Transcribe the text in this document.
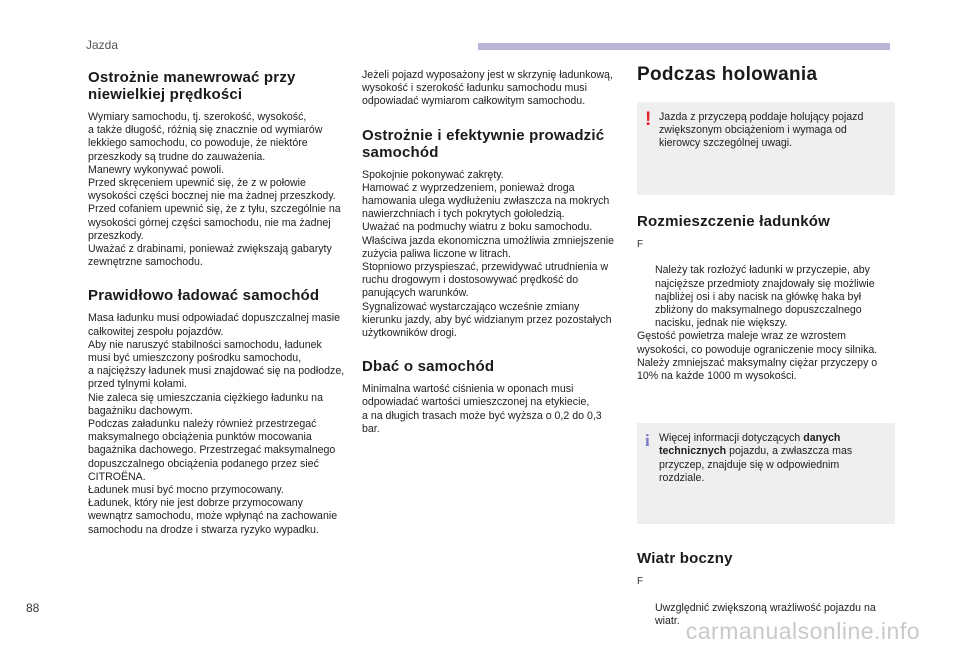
Jazda
Ostrożnie manewrować przy niewielkiej prędkości

Wymiary samochodu, tj. szerokość, wysokość,
a także długość, różnią się znacznie od wymiarów lekkiego samochodu, co powoduje, że niektóre przeszkody są trudne do zauważenia.
Manewry wykonywać powoli.
Przed skręceniem upewnić się, że z w połowie wysokości części bocznej nie ma żadnej przeszkody.
Przed cofaniem upewnić się, że z tyłu, szczególnie na wysokości górnej części samochodu, nie ma żadnej przeszkody.
Uważać z drabinami, ponieważ zwiększają gabaryty zewnętrzne samochodu.

Prawidłowo ładować samochód

Masa ładunku musi odpowiadać dopuszczalnej masie całkowitej zespołu pojazdów.
Aby nie naruszyć stabilności samochodu, ładunek musi być umieszczony pośrodku samochodu,
a najcięższy ładunek musi znajdować się na podłodze, przed tylnymi kołami.
Nie zaleca się umieszczania ciężkiego ładunku na bagażniku dachowym.
Podczas załadunku należy również przestrzegać maksymalnego obciążenia punktów mocowania bagażnika dachowego. Przestrzegać maksymalnego dopuszczalnego obciążenia podanego przez sieć CITROËNA.
Ładunek musi być mocno przymocowany.
Ładunek, który nie jest dobrze przymocowany wewnątrz samochodu, może wpłynąć na zachowanie samochodu na drodze i stwarza ryzyko wypadku.

Jeżeli pojazd wyposażony jest w skrzynię ładunkową, wysokość i szerokość ładunku samochodu musi odpowiadać wymiarom całkowitym samochodu.

Ostrożnie i efektywnie prowadzić samochód

Spokojnie pokonywać zakręty.
Hamować z wyprzedzeniem, ponieważ droga hamowania ulega wydłużeniu zwłaszcza na mokrych nawierzchniach i tych pokrytych gołoledzią.
Uważać na podmuchy wiatru z boku samochodu.
Właściwa jazda ekonomiczna umożliwia zmniejszenie zużycia paliwa liczone w litrach.
Stopniowo przyspieszać, przewidywać utrudnienia w ruchu drogowym i dostosowywać prędkość do panujących warunków.
Sygnalizować wystarczająco wcześnie zmiany kierunku jazdy, aby być widzianym przez pozostałych użytkowników drogi.

Dbać o samochód

Minimalna wartość ciśnienia w oponach musi odpowiadać wartości umieszczonej na etykiecie,
a na długich trasach może być wyższa o 0,2 do 0,3 bar.

Podczas holowania
! Jazda z przyczepą poddaje holujący pojazd zwiększonym obciążeniom i wymaga od kierowcy szczególnej uwagi.
Rozmieszczenie ładunków

F

Należy tak rozłożyć ładunki w przyczepie, aby najcięższe przedmioty znajdowały się możliwie najbliżej osi i aby nacisk na główkę haka był zbliżony do maksymalnego dopuszczalnego nacisku, jednak nie większy.

Gęstość powietrza maleje wraz ze wzrostem wysokości, co powoduje ograniczenie mocy silnika. Należy zmniejszać maksymalny ciężar przyczepy o 10% na każde 1000 m wysokości.

i Więcej informacji dotyczących danych technicznych pojazdu, a zwłaszcza mas przyczep, znajduje się w odpowiednim rozdziale.
Wiatr boczny

F

Uwzględnić zwiększoną wrażliwość pojazdu na wiatr.

88
carmanualsonline.info
